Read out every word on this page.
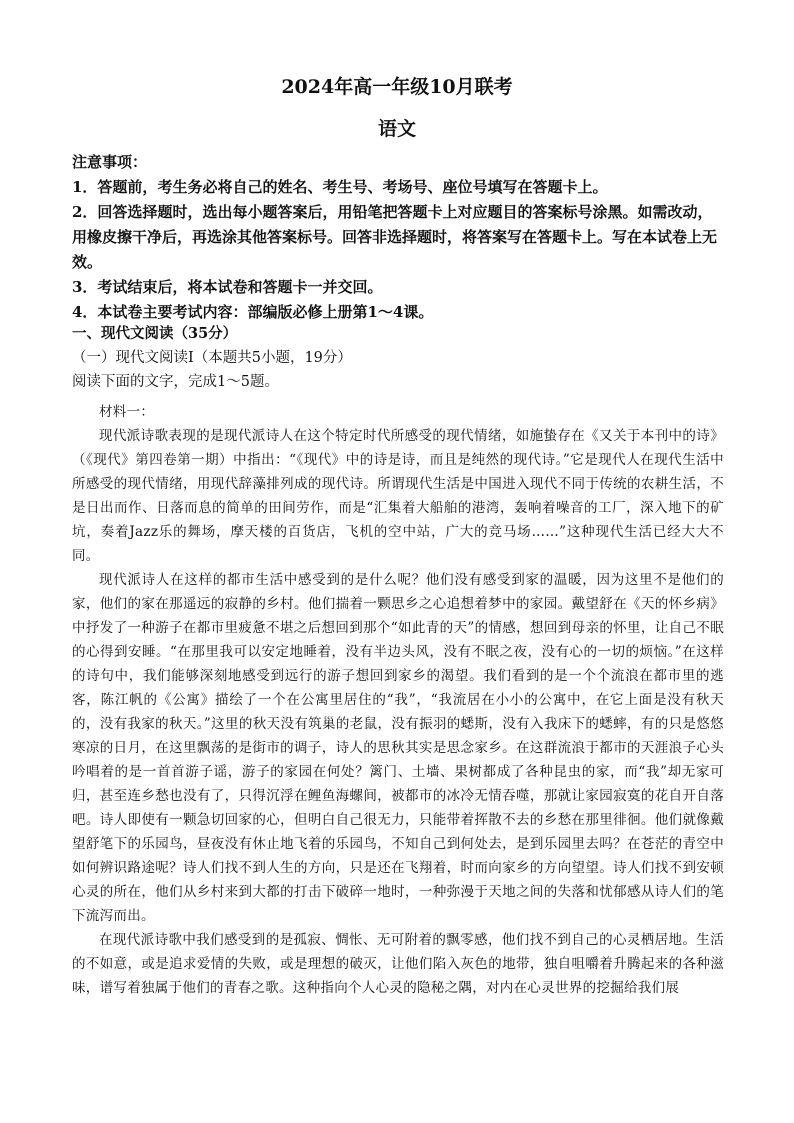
2024年高一年级10月联考
语文

注意事项：

1．答题前，考生务必将自己的姓名、考生号、考场号、座位号填写在答题卡上。

2．回答选择题时，选出每小题答案后，用铅笔把答题卡上对应题目的答案标号涂黑。如需改动，用橡皮擦干净后，再选涂其他答案标号。回答非选择题时，将答案写在答题卡上。写在本试卷上无效。

3．考试结束后，将本试卷和答题卡一并交回。

4．本试卷主要考试内容：部编版必修上册第1～4课。

一、现代文阅读（35分）

（一）现代文阅读Ⅰ（本题共5小题，19分）

阅读下面的文字，完成1～5题。

材料一：

现代派诗歌表现的是现代派诗人在这个特定时代所感受的现代情绪，如施蛰存在《又关于本刊中的诗》（《现代》第四卷第一期）中指出：“《现代》中的诗是诗，而且是纯然的现代诗。”它是现代人在现代生活中所感受的现代情绪，用现代辞藻排列成的现代诗。所谓现代生活是中国进入现代不同于传统的农耕生活，不是日出而作、日落而息的简单的田间劳作，而是“汇集着大船舶的港湾，轰响着噪音的工厂，深入地下的矿坑，奏着Jazz乐的舞场，摩天楼的百货店，飞机的空中站，广大的竞马场……”这种现代生活已经大大不同。

现代派诗人在这样的都市生活中感受到的是什么呢？他们没有感受到家的温暖，因为这里不是他们的家，他们的家在那遥远的寂静的乡村。他们揣着一颗思乡之心追想着梦中的家园。戴望舒在《天的怀乡病》中抒发了一种游子在都市里疲惫不堪之后想回到那个“如此青的天”的情感，想回到母亲的怀里，让自己不眠的心得到安睡。“在那里我可以安定地睡着，没有半边头风，没有不眠之夜，没有心的一切的烦恼。”在这样的诗句中，我们能够深刻地感受到远行的游子想回到家乡的渴望。我们看到的是一个个流浪在都市里的逃客，陈江帆的《公寓》描绘了一个在公寓里居住的“我”，“我流居在小小的公寓中，在它上面是没有秋天的，没有我家的秋天。”这里的秋天没有筑巢的老鼠，没有振羽的蟋斯，没有入我床下的蟋蟀，有的只是悠悠寒凉的日月，在这里飘荡的是街市的调子，诗人的思秋其实是思念家乡。在这群流浪于都市的天涯浪子心头吟唱着的是一首首游子谣，游子的家园在何处？篱门、土墙、果树都成了各种昆虫的家，而“我”却无家可归，甚至连乡愁也没有了，只得沉浮在鲤鱼海螺间，被都市的冰冷无情吞噬，那就让家园寂寞的花自开自落吧。诗人即使有一颗急切回家的心，但明白自己很无力，只能带着挥散不去的乡愁在那里徘徊。他们就像戴望舒笔下的乐园鸟，昼夜没有休止地飞着的乐园鸟，不知自己到何处去，是到乐园里去吗？在苍茫的青空中如何辨识路途呢？诗人们找不到人生的方向，只是还在飞翔着，时而向家乡的方向望望。诗人们找不到安顿心灵的所在，他们从乡村来到大都的打击下破碎一地时，一种弥漫于天地之间的失落和忧郁感从诗人们的笔下流泻而出。

在现代派诗歌中我们感受到的是孤寂、惆怅、无可附着的飘零感，他们找不到自己的心灵栖居地。生活的不如意，或是追求爱情的失败，或是理想的破灭，让他们陷入灰色的地带，独自咀嚼着升腾起来的各种滋味，谱写着独属于他们的青春之歌。这种指向个人心灵的隐秘之隅，对内在心灵世界的挖掘给我们展
